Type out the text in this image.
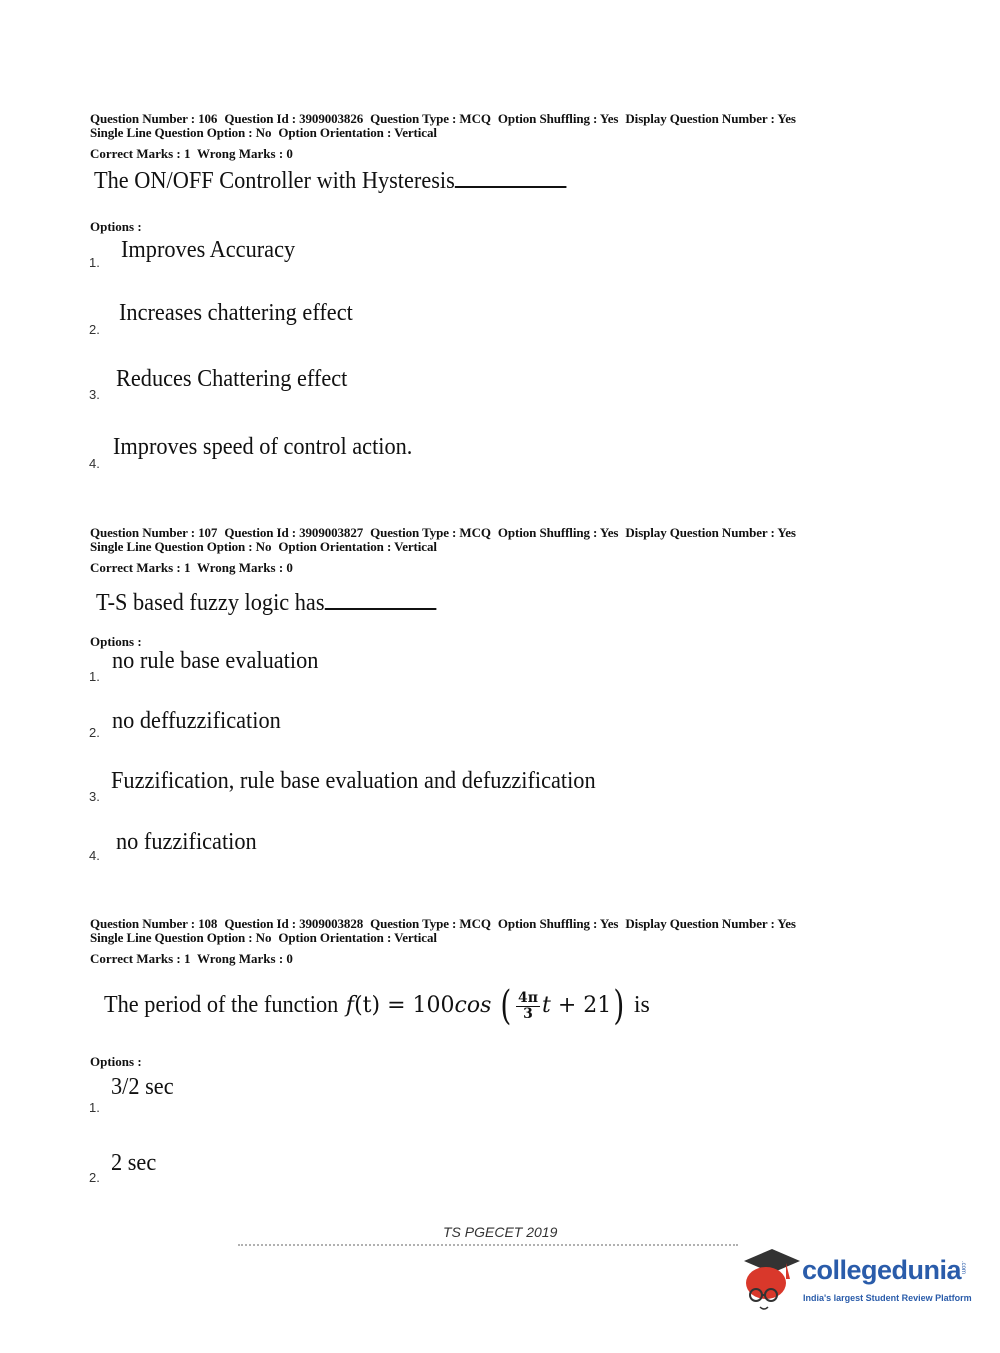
Question Number : 106 Question Id : 3909003826 Question Type : MCQ Option Shuffling : Yes Display Question Number : Yes
Single Line Question Option : No Option Orientation : Vertical
Correct Marks : 1 Wrong Marks : 0
The ON/OFF Controller with Hysteresis
Options :
1. Improves Accuracy
2.
Increases chattering effect
3.
Reduces Chattering effect
4.
Improves speed of control action.
Question Number : 107 Question Id : 3909003827 Question Type : MCQ Option Shuffling : Yes Display Question Number : Yes
Single Line Question Option : No Option Orientation : Vertical
Correct Marks : 1 Wrong Marks : 0
T-S based fuzzy logic has
Options :
1.
no rule base evaluation
2. no deffuzzification
3.
Fuzzification, rule base evaluation and defuzzification
4.
no fuzzification
Question Number : 108 Question Id : 3909003828 Question Type : MCQ Option Shuffling : Yes Display Question Number : Yes
Single Line Question Option : No Option Orientation : Vertical
Correct Marks : 1 Wrong Marks : 0
The period of the function f(t) = 100cos ( $\frac{4\pi}{3}$ t + 21) is
Options :
1.
3/2 sec
2.
2 sec
TS PGECET 2019
collegedunia
.com
India's largest Student Review Platform
